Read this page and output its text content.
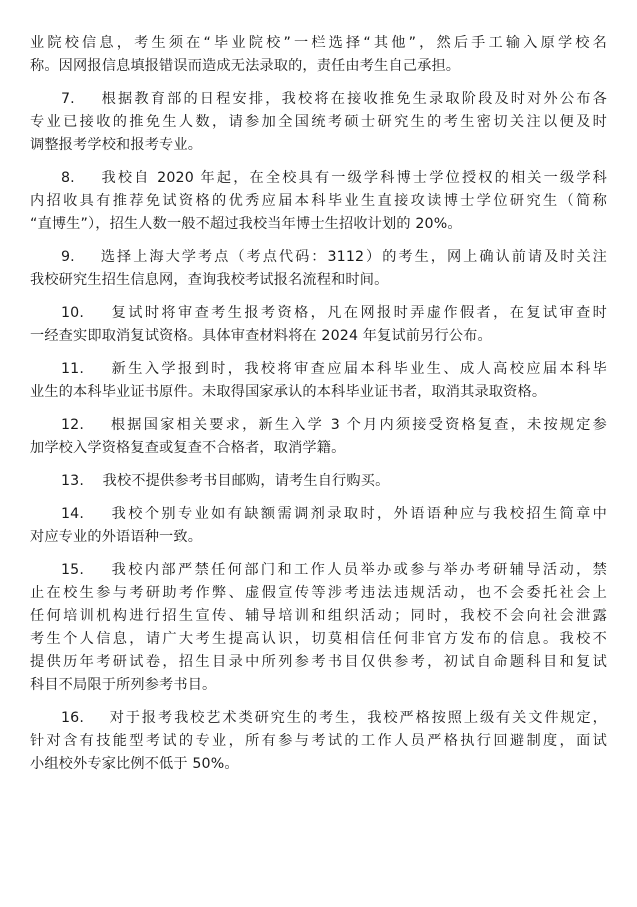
业院校信息，考生须在“毕业院校”一栏选择“其他”，然后手工输入原学校名
称。因网报信息填报错误而造成无法录取的，责任由考生自己承担。
7.    根据教育部的日程安排，我校将在接收推免生录取阶段及时对外公布各
专业已接收的推免生人数，请参加全国统考硕士研究生的考生密切关注以便及时
调整报考学校和报考专业。
8.    我校自 2020 年起，在全校具有一级学科博士学位授权的相关一级学科
内招收具有推荐免试资格的优秀应届本科毕业生直接攻读博士学位研究生（简称
“直博生”），招生人数一般不超过我校当年博士生招收计划的 20%。
9.    选择上海大学考点（考点代码：3112）的考生，网上确认前请及时关注
我校研究生招生信息网，查询我校考试报名流程和时间。
10.    复试时将审查考生报考资格，凡在网报时弄虚作假者，在复试审查时
一经查实即取消复试资格。具体审查材料将在 2024 年复试前另行公布。
11.    新生入学报到时，我校将审查应届本科毕业生、成人高校应届本科毕
业生的本科毕业证书原件。未取得国家承认的本科毕业证书者，取消其录取资格。
12.    根据国家相关要求，新生入学 3 个月内须接受资格复查，未按规定参
加学校入学资格复查或复查不合格者，取消学籍。
13.    我校不提供参考书目邮购，请考生自行购买。
14.    我校个别专业如有缺额需调剂录取时，外语语种应与我校招生简章中
对应专业的外语语种一致。
15.    我校内部严禁任何部门和工作人员举办或参与举办考研辅导活动，禁
止在校生参与考研助考作弊、虚假宣传等涉考违法违规活动，也不会委托社会上
任何培训机构进行招生宣传、辅导培训和组织活动；同时，我校不会向社会泄露
考生个人信息，请广大考生提高认识，切莫相信任何非官方发布的信息。我校不
提供历年考研试卷，招生目录中所列参考书目仅供参考，初试自命题科目和复试
科目不局限于所列参考书目。
16.    对于报考我校艺术类研究生的考生，我校严格按照上级有关文件规定，
针对含有技能型考试的专业，所有参与考试的工作人员严格执行回避制度，面试
小组校外专家比例不低于 50%。
